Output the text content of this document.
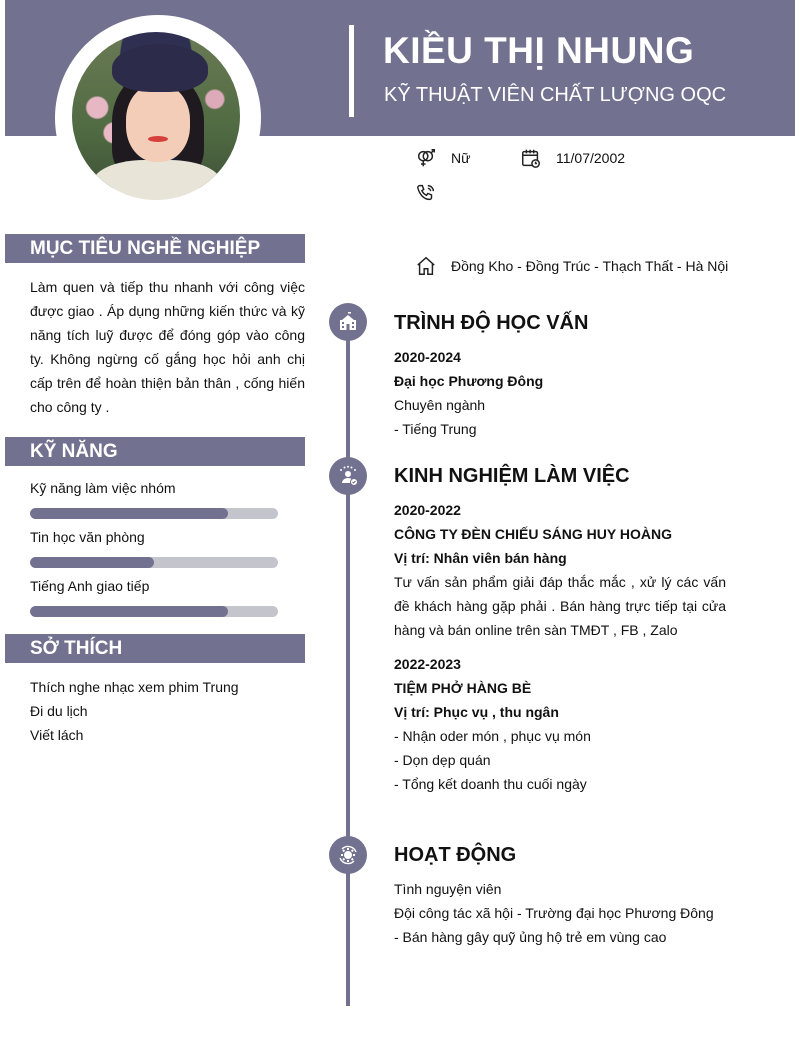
KIỀU THỊ NHUNG
KỸ THUẬT VIÊN CHẤT LƯỢNG OQC
Nữ	11/07/2002
Đồng Kho - Đồng Trúc - Thạch Thất - Hà Nội
MỤC TIÊU NGHỀ NGHIỆP
Làm quen và tiếp thu nhanh với công việc được giao . Áp dụng những kiến thức và kỹ năng tích luỹ được để đóng góp vào công ty. Không ngừng cố gắng học hỏi anh chị cấp trên để hoàn thiện bản thân , cống hiến cho công ty .
KỸ NĂNG
Kỹ năng làm việc nhóm
Tin học văn phòng
Tiếng Anh giao tiếp
SỞ THÍCH
Thích nghe nhạc xem phim Trung
Đi du lịch
Viết lách
TRÌNH ĐỘ HỌC VẤN
2020-2024
Đại học Phương Đông
Chuyên ngành
- Tiếng Trung
KINH NGHIỆM LÀM VIỆC
2020-2022
CÔNG TY ĐÈN CHIẾU SÁNG HUY HOÀNG
Vị trí: Nhân viên bán hàng
Tư vấn sản phẩm giải đáp thắc mắc , xử lý các vấn đề khách hàng gặp phải . Bán hàng trực tiếp tại cửa hàng và bán online trên sàn TMĐT , FB , Zalo
2022-2023
TIỆM PHỞ HÀNG BÈ
Vị trí: Phục vụ , thu ngân
- Nhận oder món , phục vụ món
- Dọn dẹp quán
- Tổng kết doanh thu cuối ngày
HOẠT ĐỘNG
Tình nguyện viên
Đội công tác xã hội - Trường đại học Phương Đông
- Bán hàng gây quỹ ủng hộ trẻ em vùng cao
